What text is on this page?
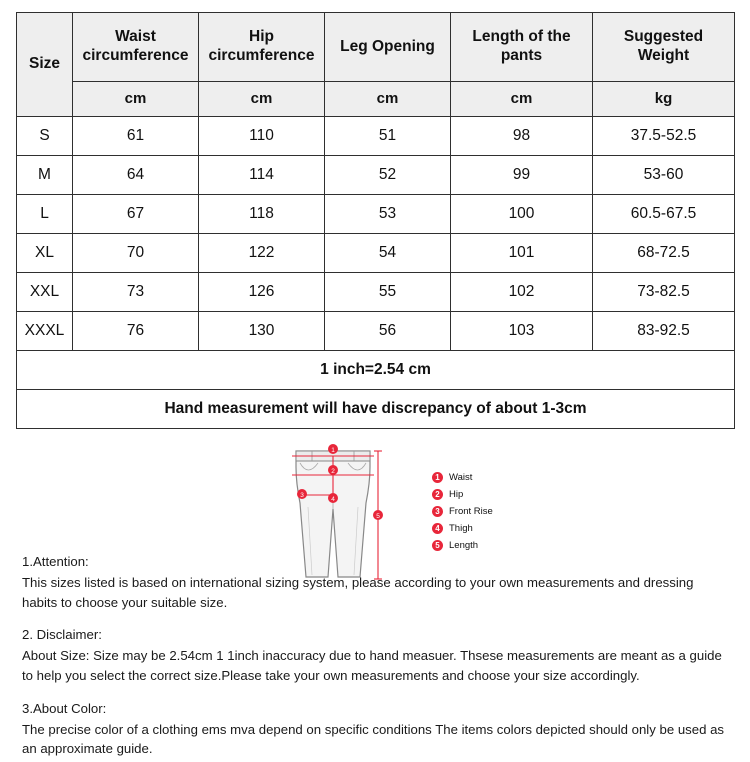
Size	Waist circumference	Hip circumference	Leg Opening	Length of the pants	Suggested Weight
	cm	cm	cm	cm	kg
S	61	110	51	98	37.5-52.5
M	64	114	52	99	53-60
L	67	118	53	100	60.5-67.5
XL	70	122	54	101	68-72.5
XXL	73	126	55	102	73-82.5
XXXL	76	130	56	103	83-92.5
1 inch=2.54 cm					
Hand measurement will have discrepancy of about 1-3cm					
1
2
3
4
5
1 Waist
2 Hip
3 Front Rise
4 Thigh
5 Length

1.Attention:

This sizes listed is based on international sizing system, please according to your own measurements and dressing habits to choose your suitable size.

2. Disclaimer:

About Size: Size may be 2.54cm 1 1inch inaccuracy due to hand measuer. Thsese measurements are meant as a guide to help you select the correct size.Please take your own measurements and choose your size accordingly.

3.About Color:

The precise color of a clothing ems mva depend on specific conditions The items colors depicted should only be used as an approximate guide.
